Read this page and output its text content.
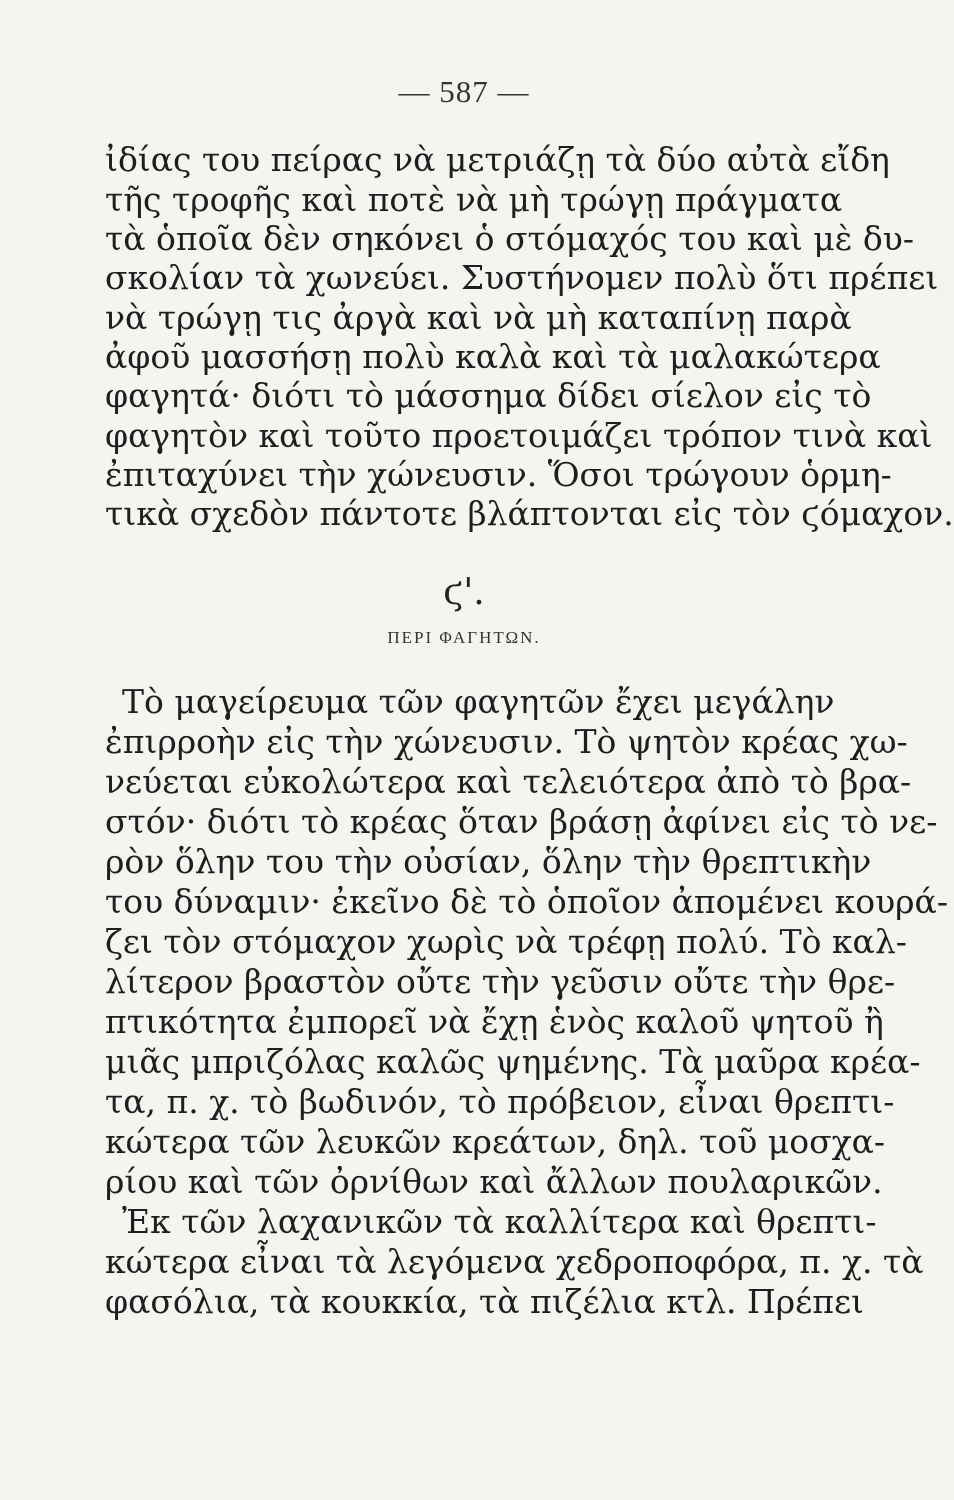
— 587 —
ἰδίας του πείρας νὰ μετριάζῃ τὰ δύο αὐτὰ εἴδη
τῆς τροφῆς καὶ ποτὲ νὰ μὴ τρώγῃ πράγματα
τὰ ὁποῖα δὲν σηκόνει ὁ στόμαχός του καὶ μὲ δυ-
σκολίαν τὰ χωνεύει. Συστήνομεν πολὺ ὅτι πρέπει
νὰ τρώγῃ τις ἀργὰ καὶ νὰ μὴ καταπίνῃ παρὰ
ἀφοῦ μασσήσῃ πολὺ καλὰ καὶ τὰ μαλακώτερα
φαγητά· διότι τὸ μάσσημα δίδει σίελον εἰς τὸ
φαγητὸν καὶ τοῦτο προετοιμάζει τρόπον τινὰ καὶ
ἐπιταχύνει τὴν χώνευσιν. Ὅσοι τρώγουν ὁρμη-
τικὰ σχεδὸν πάντοτε βλάπτονται εἰς τὸν ϛόμαχον.
ϛ'.
ΠΕΡΙ ΦΑΓΗΤΩΝ.
Τὸ μαγείρευμα τῶν φαγητῶν ἔχει μεγάλην
ἐπιρροὴν εἰς τὴν χώνευσιν. Τὸ ψητὸν κρέας χω-
νεύεται εὐκολώτερα καὶ τελειότερα ἀπὸ τὸ βρα-
στόν· διότι τὸ κρέας ὅταν βράσῃ ἀφίνει εἰς τὸ νε-
ρὸν ὅλην του τὴν οὐσίαν, ὅλην τὴν θρεπτικὴν
του δύναμιν· ἐκεῖνο δὲ τὸ ὁποῖον ἀπομένει κουρά-
ζει τὸν στόμαχον χωρὶς νὰ τρέφῃ πολύ. Τὸ καλ-
λίτερον βραστὸν οὔτε τὴν γεῦσιν οὔτε τὴν θρε-
πτικότητα ἐμπορεῖ νὰ ἔχῃ ἑνὸς καλοῦ ψητοῦ ἢ
μιᾶς μπριζόλας καλῶς ψημένης. Τὰ μαῦρα κρέα-
τα, π. χ. τὸ βωδινόν, τὸ πρόβειον, εἶναι θρεπτι-
κώτερα τῶν λευκῶν κρεάτων, δηλ. τοῦ μοσχα-
ρίου καὶ τῶν ὀρνίθων καὶ ἄλλων πουλαρικῶν.
Ἐκ τῶν λαχανικῶν τὰ καλλίτερα καὶ θρεπτι-
κώτερα εἶναι τὰ λεγόμενα χεδροποφόρα, π. χ. τὰ
φασόλια, τὰ κουκκία, τὰ πιζέλια κτλ. Πρέπει
